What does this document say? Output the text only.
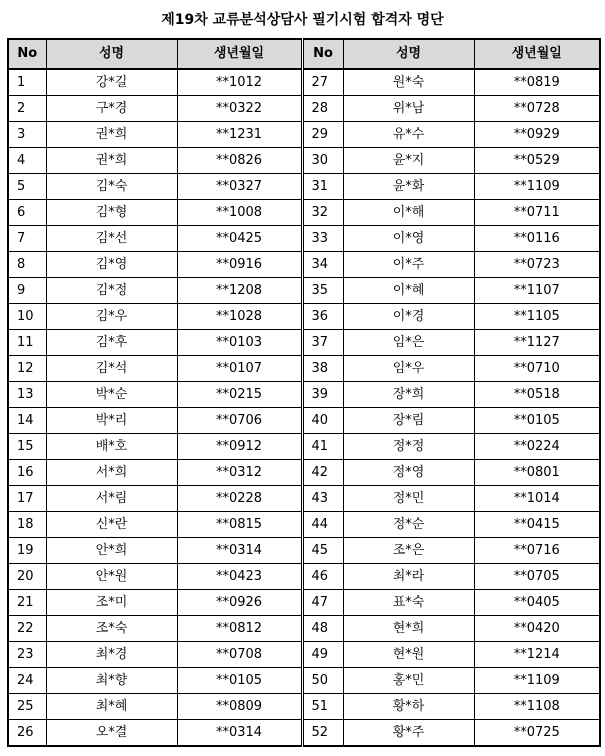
제19차 교류분석상담사 필기시험 합격자 명단
No	성명	생년월일	No	성명	생년월일
1	강*길	**1012	27	원*숙	**0819
2	구*경	**0322	28	위*남	**0728
3	권*희	**1231	29	유*수	**0929
4	권*희	**0826	30	윤*지	**0529
5	김*숙	**0327	31	윤*화	**1109
6	김*형	**1008	32	이*해	**0711
7	김*선	**0425	33	이*영	**0116
8	김*영	**0916	34	이*주	**0723
9	김*정	**1208	35	이*혜	**1107
10	김*우	**1028	36	이*경	**1105
11	김*후	**0103	37	임*은	**1127
12	김*석	**0107	38	임*우	**0710
13	박*순	**0215	39	장*희	**0518
14	박*리	**0706	40	장*림	**0105
15	배*호	**0912	41	정*정	**0224
16	서*희	**0312	42	정*영	**0801
17	서*림	**0228	43	정*민	**1014
18	신*란	**0815	44	정*순	**0415
19	안*희	**0314	45	조*은	**0716
20	안*원	**0423	46	최*라	**0705
21	조*미	**0926	47	표*숙	**0405
22	조*숙	**0812	48	현*희	**0420
23	최*경	**0708	49	현*원	**1214
24	최*향	**0105	50	홍*민	**1109
25	최*혜	**0809	51	황*하	**1108
26	오*결	**0314	52	황*주	**0725
